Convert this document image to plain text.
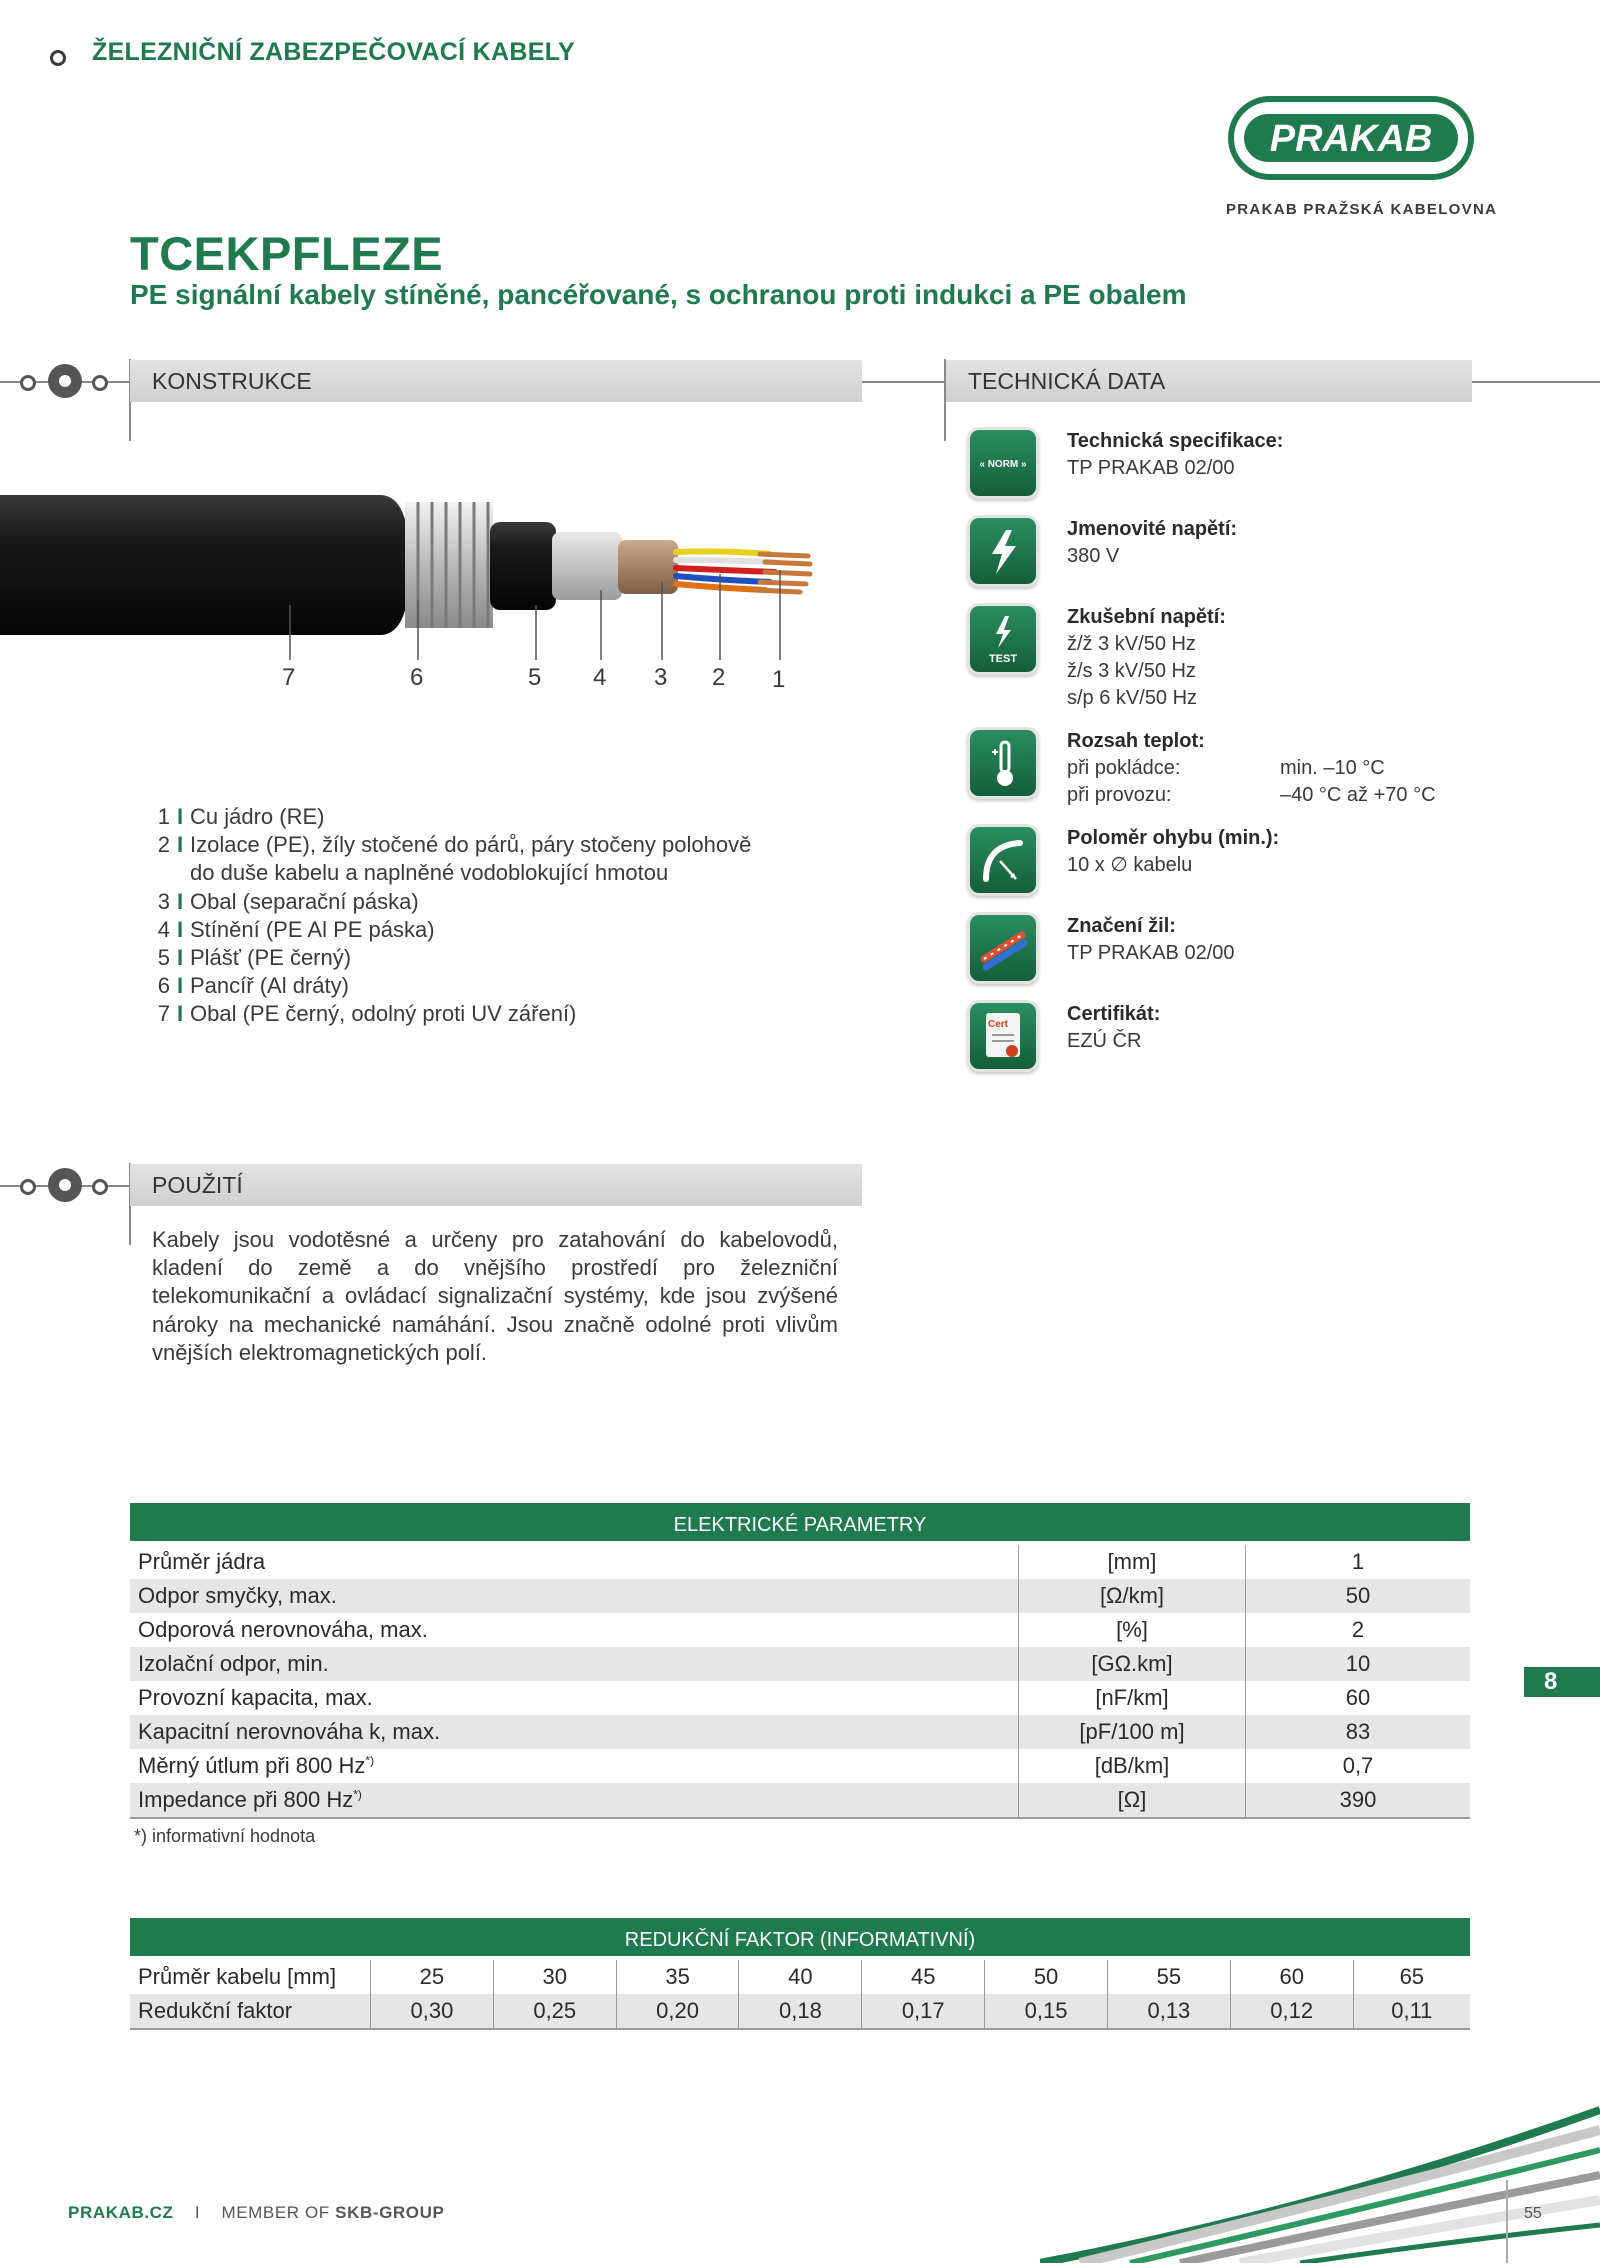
ŽELEZNIČNÍ ZABEZPEČOVACÍ KABELY
PRAKAB
PRAKAB PRAŽSKÁ KABELOVNA
TCEKPFLEZE
PE signální kabely stíněné, pancéřované, s ochranou proti indukci a PE obalem
KONSTRUKCE	TECHNICKÁ DATA
7	6	5 4 3 2 1
1 I Cu jádro (RE)
2 I Izolace (PE), žíly stočené do párů, páry stočeny polohově
do duše kabelu a naplněné vodoblokující hmotou
3 I Obal (separační páska)
4 I Stínění (PE Al PE páska)
5 I Plášť (PE černý)
6 I Pancíř (Al dráty)
7 I Obal (PE černý, odolný proti UV záření)
« NORM »
Technická specifikace:
TP PRAKAB 02/00
Jmenovité napětí:
380 V
TEST
Zkušební napětí:
ž/ž 3 kV/50 Hz
ž/s 3 kV/50 Hz
s/p 6 kV/50 Hz
Rozsah teplot:
při pokládce:	min. –10 °C
při provozu:	–40 °C až +70 °C
Poloměr ohybu (min.):
10 x ∅ kabelu
Značení žil:
TP PRAKAB 02/00
Cert	Certifikát:
EZÚ ČR
POUŽITÍ
Kabely jsou vodotěsné a určeny pro zatahování do kabelovodů, kladení do země a do vnějšího prostředí pro železniční telekomunikační a ovládací signalizační systémy, kde jsou zvýšené nároky na mechanické namáhání. Jsou značně odolné proti vlivům vnějších elektromagnetických polí.
ELEKTRICKÉ PARAMETRY
Průměr jádra	[mm]	1
Odpor smyčky, max.	[Ω/km]	50
Odporová nerovnováha, max.	[%]	2
Izolační odpor, min.	[GΩ.km]	10
Provozní kapacita, max.	[nF/km]	60
Kapacitní nerovnováha k, max.	[pF/100 m]	83
Měrný útlum při 800 Hz*)	[dB/km]	0,7
Impedance při 800 Hz*)	[Ω]	390
*) informativní hodnota
REDUKČNÍ FAKTOR (INFORMATIVNÍ)
Průměr kabelu [mm]	25	30	35	40	45	50	55	60	65
Redukční faktor	0,30	0,25	0,20	0,18	0,17	0,15	0,13	0,12	0,11
8
PRAKAB.CZ I MEMBER OF SKB-GROUP	55
